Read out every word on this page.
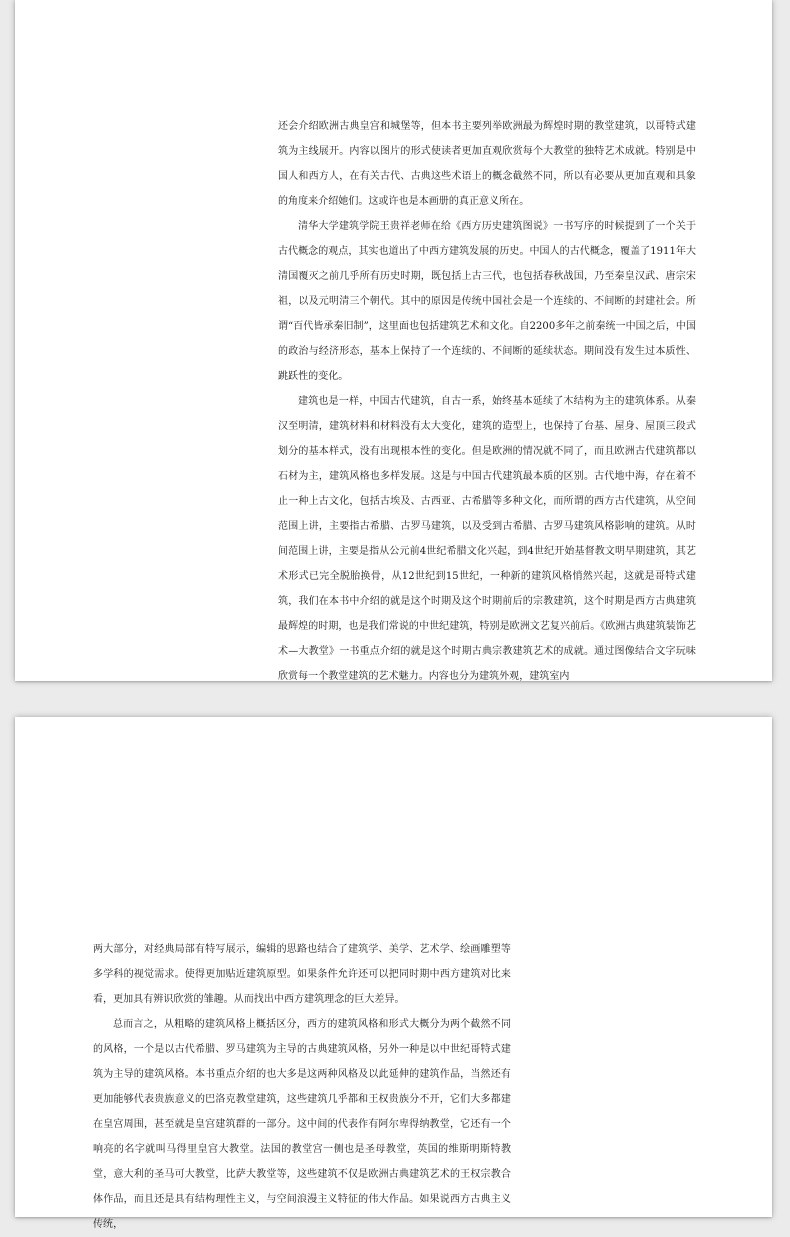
还会介绍欧洲古典皇宫和城堡等，但本书主要列举欧洲最为辉煌时期的教堂建筑，以哥特式建筑为主线展开。内容以图片的形式使读者更加直观欣赏每个大教堂的独特艺术成就。特别是中国人和西方人，在有关古代、古典这些术语上的概念截然不同，所以有必要从更加直观和具象的角度来介绍她们。这或许也是本画册的真正意义所在。

清华大学建筑学院王贵祥老师在给《西方历史建筑图说》一书写序的时候提到了一个关于古代概念的观点，其实也道出了中西方建筑发展的历史。中国人的古代概念，覆盖了1911年大清国覆灭之前几乎所有历史时期，既包括上古三代，也包括春秋战国，乃至秦皇汉武、唐宗宋祖，以及元明清三个朝代。其中的原因是传统中国社会是一个连续的、不间断的封建社会。所谓“百代皆承秦旧制”，这里面也包括建筑艺术和文化。自2200多年之前秦统一中国之后，中国的政治与经济形态，基本上保持了一个连续的、不间断的延续状态。期间没有发生过本质性、跳跃性的变化。

建筑也是一样，中国古代建筑，自古一系，始终基本延续了木结构为主的建筑体系。从秦汉至明清，建筑材料和材料没有太大变化，建筑的造型上，也保持了台基、屋身、屋顶三段式划分的基本样式，没有出现根本性的变化。但是欧洲的情况就不同了，而且欧洲古代建筑都以石材为主，建筑风格也多样发展。这是与中国古代建筑最本质的区别。古代地中海，存在着不止一种上古文化，包括古埃及、古西亚、古希腊等多种文化，而所谓的西方古代建筑，从空间范围上讲，主要指古希腊、古罗马建筑，以及受到古希腊、古罗马建筑风格影响的建筑。从时间范围上讲，主要是指从公元前4世纪希腊文化兴起，到4世纪开始基督教文明早期建筑，其艺术形式已完全脱胎换骨，从12世纪到15世纪，一种新的建筑风格悄然兴起，这就是哥特式建筑，我们在本书中介绍的就是这个时期及这个时期前后的宗教建筑，这个时期是西方古典建筑最辉煌的时期，也是我们常说的中世纪建筑，特别是欧洲文艺复兴前后。《欧洲古典建筑装饰艺术—大教堂》一书重点介绍的就是这个时期古典宗教建筑艺术的成就。通过图像结合文字玩味欣赏每一个教堂建筑的艺术魅力。内容也分为建筑外观，建筑室内

两大部分，对经典局部有特写展示，编辑的思路也结合了建筑学、美学、艺术学、绘画雕塑等多学科的视觉需求。使得更加贴近建筑原型。如果条件允许还可以把同时期中西方建筑对比来看，更加具有辨识欣赏的雏趣。从而找出中西方建筑理念的巨大差异。

总而言之，从粗略的建筑风格上概括区分，西方的建筑风格和形式大概分为两个截然不同的风格，一个是以古代希腊、罗马建筑为主导的古典建筑风格，另外一种是以中世纪哥特式建筑为主导的建筑风格。本书重点介绍的也大多是这两种风格及以此延伸的建筑作品，当然还有更加能够代表贵族意义的巴洛克教堂建筑，这些建筑几乎都和王权贵族分不开，它们大多都建在皇宫周围，甚至就是皇宫建筑群的一部分。这中间的代表作有阿尔卑得纳教堂，它还有一个响亮的名字就叫马得里皇宫大教堂。法国的教堂宫一侧也是圣母教堂，英国的维斯明斯特教堂，意大利的圣马可大教堂，比萨大教堂等，这些建筑不仅是欧洲古典建筑艺术的王权宗教合体作品，而且还是具有结构理性主义，与空间浪漫主义特征的伟大作品。如果说西方古典主义传统，
